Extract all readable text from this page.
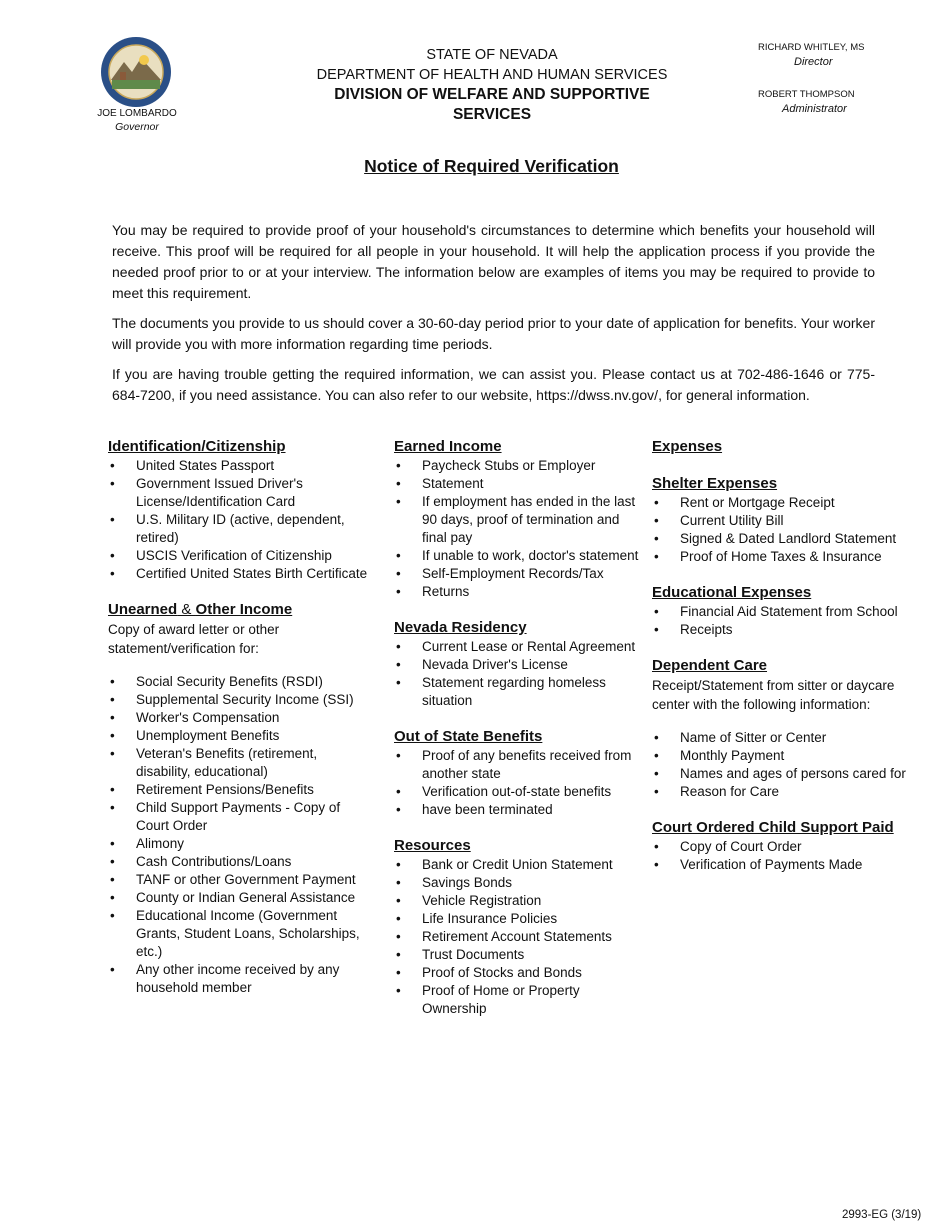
JOE LOMBARDO
Governor
STATE OF NEVADA
DEPARTMENT OF HEALTH AND HUMAN SERVICES
DIVISION OF WELFARE AND SUPPORTIVE
SERVICES
RICHARD WHITLEY, MS
Director
ROBERT THOMPSON
Administrator
Notice of Required Verification

You may be required to provide proof of your household's circumstances to determine which benefits your household will receive. This proof will be required for all people in your household. It will help the application process if you provide the needed proof prior to or at your interview. The information below are examples of items you may be required to provide to meet this requirement.

The documents you provide to us should cover a 30-60-day period prior to your date of application for benefits. Your worker will provide you with more information regarding time periods.

If you are having trouble getting the required information, we can assist you. Please contact us at 702-486-1646 or 775-684-7200, if you need assistance. You can also refer to our website, https://dwss.nv.gov/, for general information.

Identification/Citizenship
• United States Passport
• Government Issued Driver's License/Identification Card
• U.S. Military ID (active, dependent, retired)
• USCIS Verification of Citizenship
• Certified United States Birth Certificate
Unearned & Other Income
Copy of award letter or other statement/verification for:
• Social Security Benefits (RSDI)
• Supplemental Security Income (SSI)
• Worker's Compensation
• Unemployment Benefits
• Veteran's Benefits (retirement, disability, educational)
• Retirement Pensions/Benefits
• Child Support Payments - Copy of Court Order
• Alimony
• Cash Contributions/Loans
• TANF or other Government Payment
• County or Indian General Assistance
• Educational Income (Government Grants, Student Loans, Scholarships, etc.)
• Any other income received by any household member
Earned Income
• Paycheck Stubs or Employer
• Statement
• If employment has ended in the last 90 days, proof of termination and final pay
• If unable to work, doctor's statement
• Self-Employment Records/Tax
• Returns
Nevada Residency
• Current Lease or Rental Agreement
• Nevada Driver's License
• Statement regarding homeless situation
Out of State Benefits
• Proof of any benefits received from another state
• Verification out-of-state benefits
• have been terminated
Resources
• Bank or Credit Union Statement
• Savings Bonds
• Vehicle Registration
• Life Insurance Policies
• Retirement Account Statements
• Trust Documents
• Proof of Stocks and Bonds
• Proof of Home or Property Ownership
Expenses
Shelter Expenses
• Rent or Mortgage Receipt
• Current Utility Bill
• Signed & Dated Landlord Statement
• Proof of Home Taxes & Insurance
Educational Expenses
• Financial Aid Statement from School
• Receipts
Dependent Care
Receipt/Statement from sitter or daycare center with the following information:
• Name of Sitter or Center
• Monthly Payment
• Names and ages of persons cared for
• Reason for Care
Court Ordered Child Support Paid
• Copy of Court Order
• Verification of Payments Made
2993-EG (3/19)
